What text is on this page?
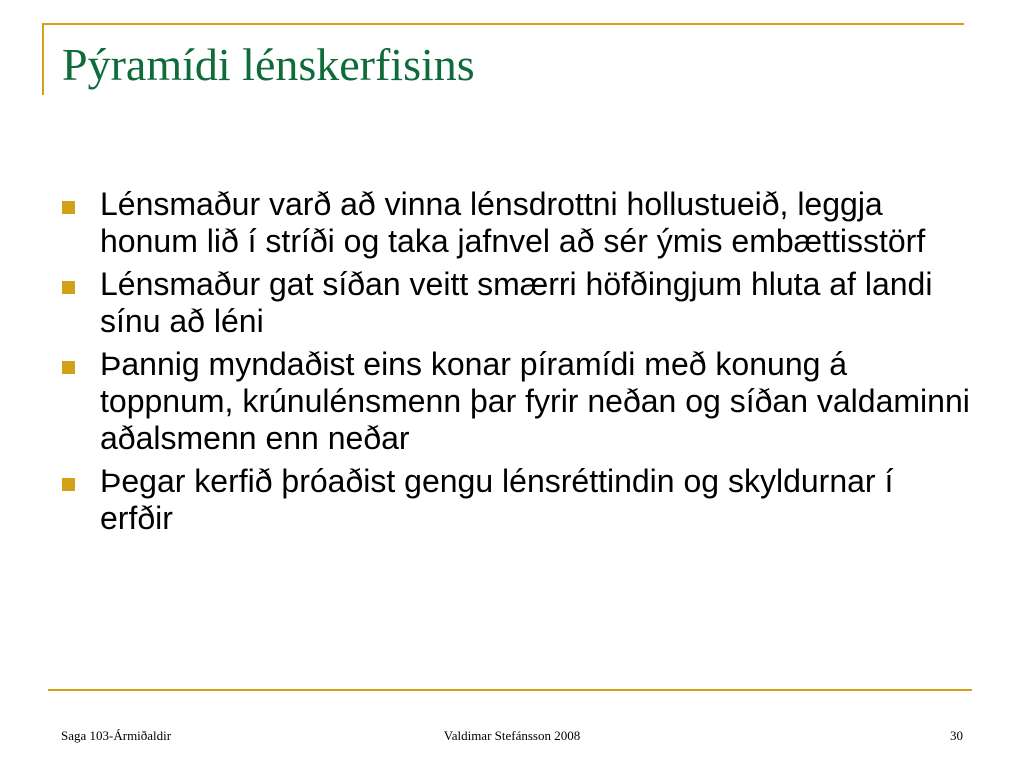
Pýramídi lénskerfisins
Lénsmaður varð að vinna lénsdrottni hollustueið, leggja honum lið í stríði og taka jafnvel að sér ýmis embættisstörf
Lénsmaður gat síðan veitt smærri höfðingjum hluta af landi sínu að léni
Þannig myndaðist eins konar píramídi með konung á toppnum, krúnulénsmenn þar fyrir neðan og síðan valdaminni aðalsmenn enn neðar
Þegar kerfið þróaðist gengu lénsréttindin og skyldurnar í erfðir
Saga 103-Ármiðaldir	Valdimar Stefánsson 2008	30
